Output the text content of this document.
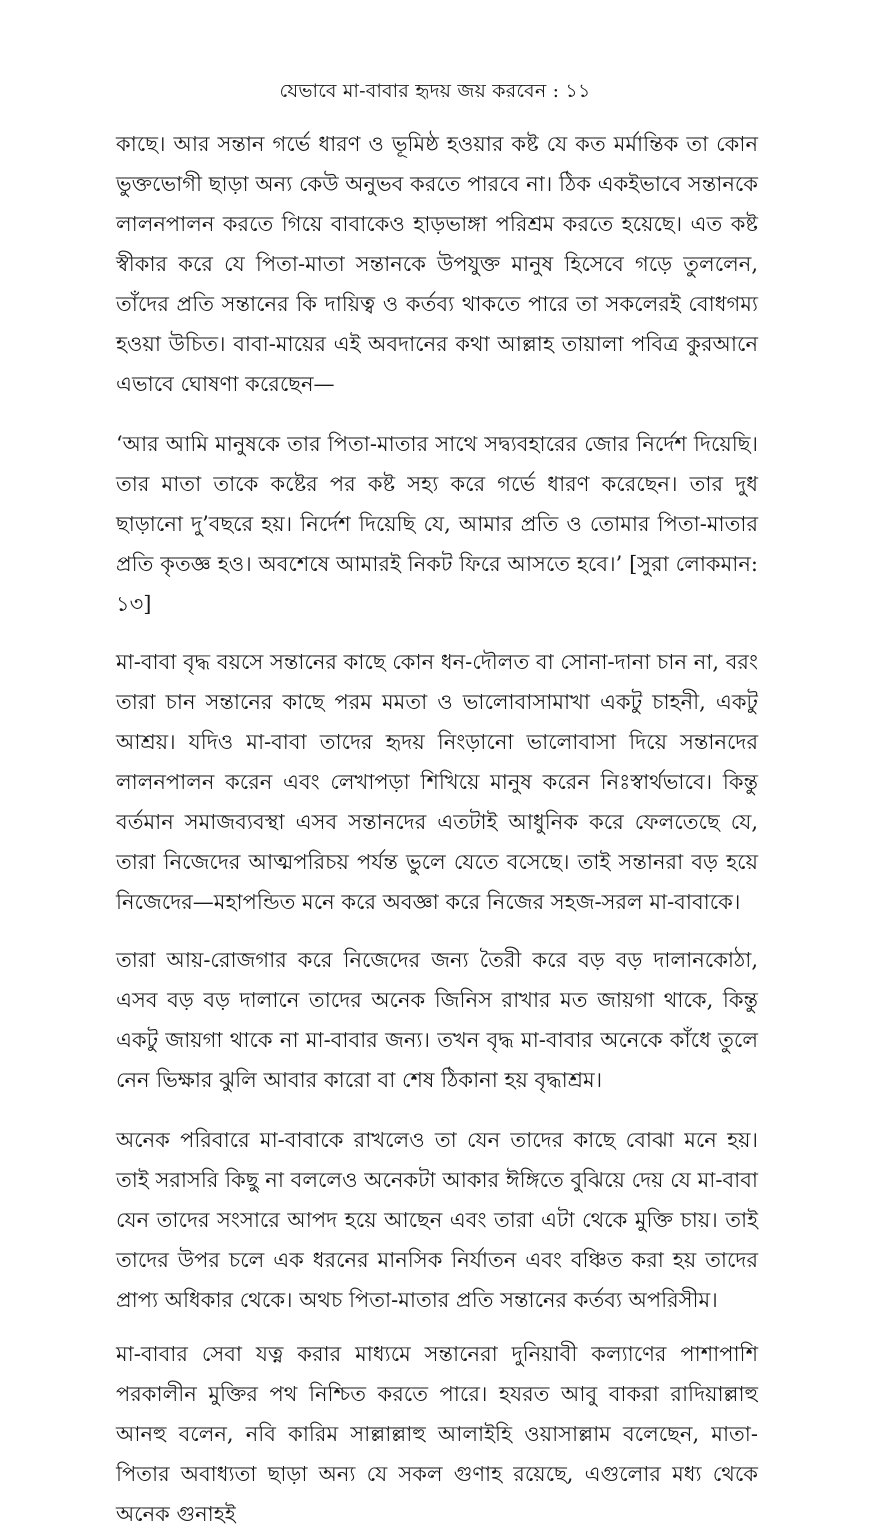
যেভাবে মা-বাবার হৃদয় জয় করবেন : ১১

কাছে। আর সন্তান গর্ভে ধারণ ও ভূমিষ্ঠ হওয়ার কষ্ট যে কত মর্মান্তিক তা কোন ভুক্তভোগী ছাড়া অন্য কেউ অনুভব করতে পারবে না। ঠিক একইভাবে সন্তানকে লালনপালন করতে গিয়ে বাবাকেও হাড়ভাঙ্গা পরিশ্রম করতে হয়েছে। এত কষ্ট স্বীকার করে যে পিতা-মাতা সন্তানকে উপযুক্ত মানুষ হিসেবে গড়ে তুললেন, তাঁদের প্রতি সন্তানের কি দায়িত্ব ও কর্তব্য থাকতে পারে তা সকলেরই বোধগম্য হওয়া উচিত। বাবা-মায়ের এই অবদানের কথা আল্লাহ তায়ালা পবিত্র কুরআনে এভাবে ঘোষণা করেছেন—

‘আর আমি মানুষকে তার পিতা-মাতার সাথে সদ্ব্যবহারের জোর নির্দেশ দিয়েছি। তার মাতা তাকে কষ্টের পর কষ্ট সহ্য করে গর্ভে ধারণ করেছেন। তার দুধ ছাড়ানো দু’বছরে হয়। নির্দেশ দিয়েছি যে, আমার প্রতি ও তোমার পিতা-মাতার প্রতি কৃতজ্ঞ হও। অবশেষে আমারই নিকট ফিরে আসতে হবে।’ [সুরা লোকমান: ১৩]

মা-বাবা বৃদ্ধ বয়সে সন্তানের কাছে কোন ধন-দৌলত বা সোনা-দানা চান না, বরং তারা চান সন্তানের কাছে পরম মমতা ও ভালোবাসামাখা একটু চাহনী, একটু আশ্রয়। যদিও মা-বাবা তাদের হৃদয় নিংড়ানো ভালোবাসা দিয়ে সন্তানদের লালনপালন করেন এবং লেখাপড়া শিখিয়ে মানুষ করেন নিঃস্বার্থভাবে। কিন্তু বর্তমান সমাজব্যবস্থা এসব সন্তানদের এতটাই আধুনিক করে ফেলতেছে যে, তারা নিজেদের আত্মপরিচয় পর্যন্ত ভুলে যেতে বসেছে। তাই সন্তানরা বড় হয়ে নিজেদের—মহাপন্ডিত মনে করে অবজ্ঞা করে নিজের সহজ-সরল মা-বাবাকে।

তারা আয়-রোজগার করে নিজেদের জন্য তৈরী করে বড় বড় দালানকোঠা, এসব বড় বড় দালানে তাদের অনেক জিনিস রাখার মত জায়গা থাকে, কিন্তু একটু জায়গা থাকে না মা-বাবার জন্য। তখন বৃদ্ধ মা-বাবার অনেকে কাঁধে তুলে নেন ভিক্ষার ঝুলি আবার কারো বা শেষ ঠিকানা হয় বৃদ্ধাশ্রম।

অনেক পরিবারে মা-বাবাকে রাখলেও তা যেন তাদের কাছে বোঝা মনে হয়। তাই সরাসরি কিছু না বললেও অনেকটা আকার ঈঙ্গিতে বুঝিয়ে দেয় যে মা-বাবা যেন তাদের সংসারে আপদ হয়ে আছেন এবং তারা এটা থেকে মুক্তি চায়। তাই তাদের উপর চলে এক ধরনের মানসিক নির্যাতন এবং বঞ্চিত করা হয় তাদের প্রাপ্য অধিকার থেকে। অথচ পিতা-মাতার প্রতি সন্তানের কর্তব্য অপরিসীম।

মা-বাবার সেবা যত্ন করার মাধ্যমে সন্তানেরা দুনিয়াবী কল্যাণের পাশাপাশি পরকালীন মুক্তির পথ নিশ্চিত করতে পারে। হযরত আবু বাকরা রাদিয়াল্লাহু আনহু বলেন, নবি কারিম সাল্লাল্লাহু আলাইহি ওয়াসাল্লাম বলেছেন, মাতা-পিতার অবাধ্যতা ছাড়া অন্য যে সকল গুণাহ রয়েছে, এগুলোর মধ্য থেকে অনেক গুনাহই
